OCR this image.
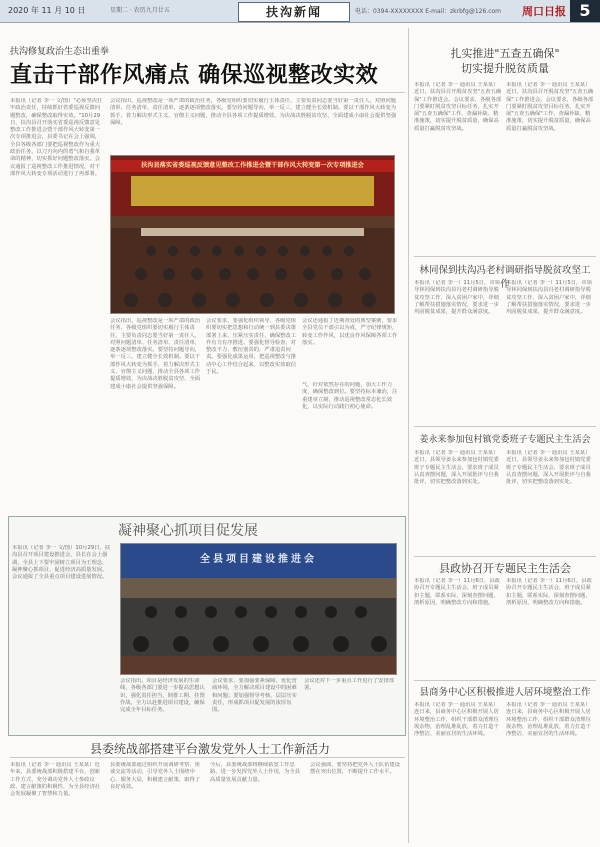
2020 年 11 月 10 日	星期二 · 农历九月廿五	扶沟新闻	电话：0394-XXXXXXXX E-mail：zkrbfg@126.com 周口日报 5
扶沟修复政治生态出重拳
直击干部作风痛点 确保巡视整改实效
本报讯（记者 李一 文/图）"必须坚决扛牢政治责任，持续抓好省委巡视反馈问题整改，确保整改取得实效。"10月29日，扶沟县召开落实省委巡视反馈意见整改工作推进会暨干部作风大转变第一次专项推进会，县委书记在会上强调，全县各级各部门要把巡视整改作为重大政治任务，以刀刃向内的勇气和自我革命的精神，切实抓好问题整改落实。会议通报了巡视整改工作推进情况，对干部作风大转变专项活动进行了再部署。
会议指出，巡视整改是一项严肃的政治任务，各级党组织要切实履行主体责任，主要负责同志要当好第一责任人，对照问题清单、任务清单、责任清单，逐条逐项整改落实。要坚持问题导向，举一反三，建立健全长效机制。要以干部作风大转变为抓手，着力解决形式主义、官僚主义问题，推动全县各项工作提质增效，为决战决胜脱贫攻坚、全面建成小康社会提供坚强保障。
扶沟县落实省委巡视反馈意见整改工作推进会暨干部作风大转变第一次专项推进会
会议指出，巡视整改是一项严肃的政治任务，各级党组织要切实履行主体责任，主要负责同志要当好第一责任人，对照问题清单、任务清单、责任清单，逐条逐项整改落实。要坚持问题导向，举一反三，建立健全长效机制。要以干部作风大转变为抓手，着力解决形式主义、官僚主义问题，推动全县各项工作提质增效，为决战决胜脱贫攻坚、全面建成小康社会提供坚强保障。
会议要求，要强化组织领导，各级党组织要切实把思想和行动统一到县委决策部署上来，压紧压实责任，确保整改工作有力有序推进。要强化督导检查，对整改不力、敷衍塞责的，严肃追责问责。要强化成果运用，把巡视整改与推动中心工作结合起来，以整改实效取信于民。
会议还通报了近期查处的典型案例，要求全县党员干部引以为戒，严守纪律规矩，转变工作作风，以优良作风保障各项工作落实。
气，针对依然存在的问题，加大工作力度，确保整改到位。要坚持标本兼治，注重建章立制，推动巡视整改常态化长效化，以实际行动践行初心使命。
凝神聚心抓项目促发展
本报讯（记者 李一 文/图）10月29日，扶沟县召开项目建设推进会，县长在会上强调，全县上下要牢固树立项目为王理念，凝神聚心抓项目，促进经济高质量发展。会议通报了全县重点项目建设进展情况。
全县项目建设推进会
会议指出，项目是经济发展的生命线，各级各部门要进一步提高思想认识，强化责任担当，倒排工期、挂图作战，全力以赴推进项目建设，确保完成全年目标任务。
会议要求，要加强要素保障，优化营商环境，全力解决项目建设中的困难和问题；要加强督导考核，层层压实责任，形成抓项目促发展的浓厚氛围。
会议还对下一步重点工作进行了安排部署。
县委统战部搭建平台激发党外人士工作新活力
本报讯（记者 李一 通讯员 王某某）近年来，县委统战部积极搭建平台，创新工作方式，充分调动党外人士参政议政、建言献策的积极性，为全县经济社会发展凝聚了智慧和力量。
县委统战部通过组织开展调研考察、座谈交流等活动，引导党外人士围绕中心、服务大局，积极建言献策，取得了良好成效。
今后，县委统战部将继续拓宽工作思路，进一步发挥党外人士作用，为全县高质量发展贡献力量。
会议强调，要坚持把党外人士队伍建设摆在突出位置，不断提升工作水平。
扎实推进"五查五确保"
切实提升脱贫质量
本报讯（记者 李一 通讯员 王某某）近日，扶沟县召开脱贫攻坚"五查五确保"工作推进会。会议要求，各级各部门要紧盯脱贫攻坚目标任务，扎实开展"五查五确保"工作，查漏补缺、精准施策，切实提升脱贫质量，确保高质量打赢脱贫攻坚战。
本报讯（记者 李一 通讯员 王某某）近日，扶沟县召开脱贫攻坚"五查五确保"工作推进会。会议要求，各级各部门要紧盯脱贫攻坚目标任务，扎实开展"五查五确保"工作，查漏补缺、精准施策，切实提升脱贫质量，确保高质量打赢脱贫攻坚战。
林同保到扶沟冯老村调研指导脱贫攻坚工作
本报讯（记者 李一）11月5日，市领导林同保到扶沟县冯老村调研指导脱贫攻坚工作，深入贫困户家中，详细了解帮扶措施落实情况，要求进一步巩固脱贫成果，提升群众满意度。
本报讯（记者 李一）11月5日，市领导林同保到扶沟县冯老村调研指导脱贫攻坚工作，深入贫困户家中，详细了解帮扶措施落实情况，要求进一步巩固脱贫成果，提升群众满意度。
姜永来参加包村镇党委班子专题民主生活会
本报讯（记者 李一 通讯员 王某某）近日，县领导姜永来参加包村镇党委班子专题民主生活会，要求班子成员认真查摆问题，深入开展批评与自我批评，切实把整改落到实处。
本报讯（记者 李一 通讯员 王某某）近日，县领导姜永来参加包村镇党委班子专题民主生活会，要求班子成员认真查摆问题，深入开展批评与自我批评，切实把整改落到实处。
县政协召开专题民主生活会
本报讯（记者 李一）11月6日，县政协召开专题民主生活会，班子成员紧扣主题，联系实际，深刻查摆问题，剖析原因，明确整改方向和措施。
本报讯（记者 李一）11月6日，县政协召开专题民主生活会，班子成员紧扣主题，联系实际，深刻查摆问题，剖析原因，明确整改方向和措施。
县商务中心区积极推进人居环境整治工作
本报讯（记者 李一 通讯员 王某某）连日来，县商务中心区积极开展人居环境整治工作，组织干部群众清理垃圾杂物，治理乱堆乱放，着力打造干净整洁、美丽宜居的生活环境。
本报讯（记者 李一 通讯员 王某某）连日来，县商务中心区积极开展人居环境整治工作，组织干部群众清理垃圾杂物，治理乱堆乱放，着力打造干净整洁、美丽宜居的生活环境。
